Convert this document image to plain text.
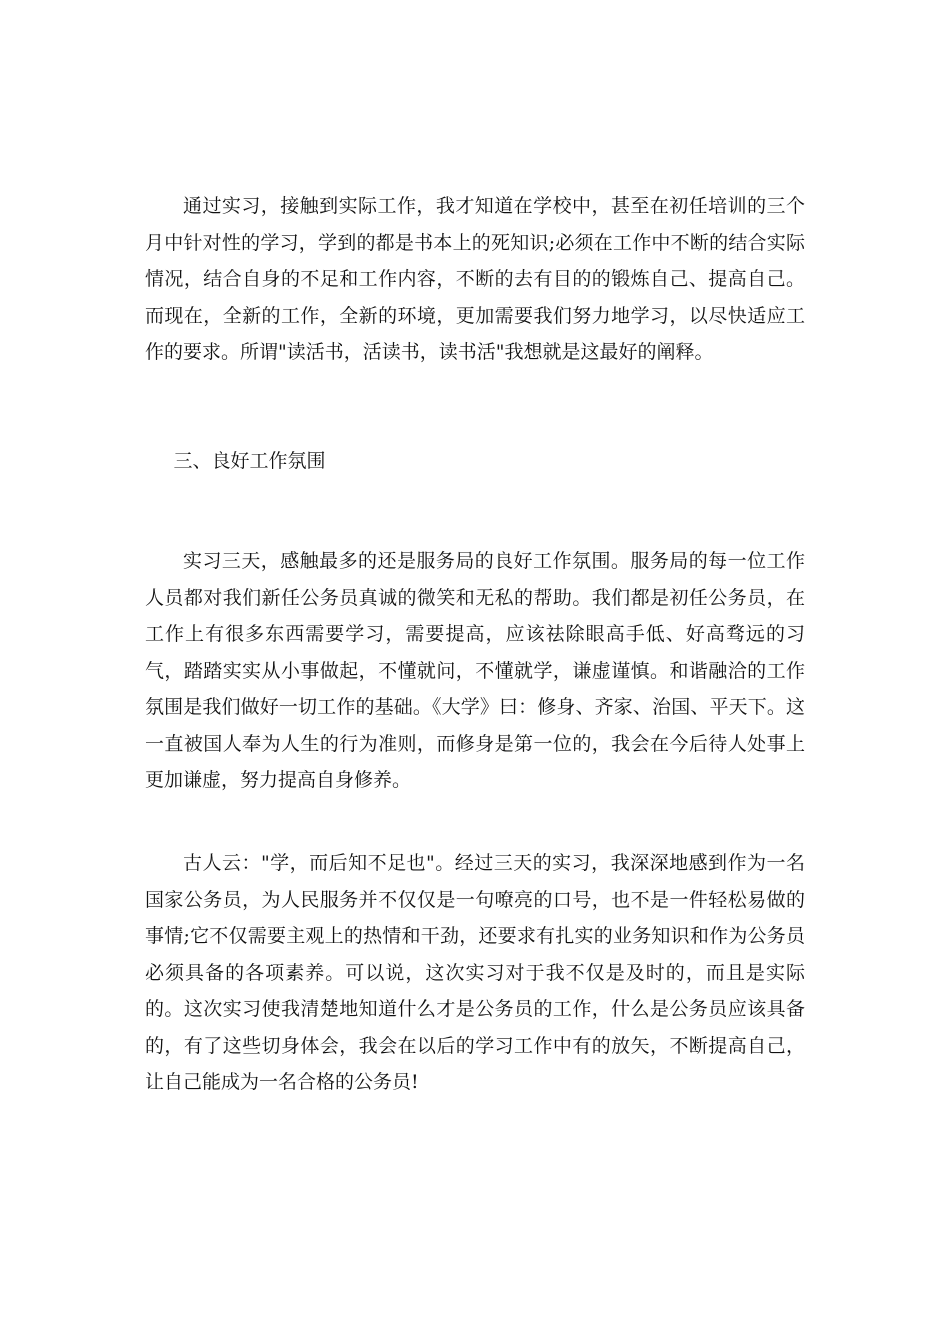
通过实习，接触到实际工作，我才知道在学校中，甚至在初任培训的三个月中针对性的学习，学到的都是书本上的死知识;必须在工作中不断的结合实际情况，结合自身的不足和工作内容，不断的去有目的的锻炼自己、提高自己。而现在，全新的工作，全新的环境，更加需要我们努力地学习，以尽快适应工作的要求。所谓"读活书，活读书，读书活"我想就是这最好的阐释。

三、良好工作氛围

实习三天，感触最多的还是服务局的良好工作氛围。服务局的每一位工作人员都对我们新任公务员真诚的微笑和无私的帮助。我们都是初任公务员，在工作上有很多东西需要学习，需要提高，应该祛除眼高手低、好高骛远的习气，踏踏实实从小事做起，不懂就问，不懂就学，谦虚谨慎。和谐融洽的工作氛围是我们做好一切工作的基础。《大学》曰：修身、齐家、治国、平天下。这一直被国人奉为人生的行为准则，而修身是第一位的，我会在今后待人处事上更加谦虚，努力提高自身修养。

古人云："学，而后知不足也"。经过三天的实习，我深深地感到作为一名国家公务员，为人民服务并不仅仅是一句嘹亮的口号，也不是一件轻松易做的事情;它不仅需要主观上的热情和干劲，还要求有扎实的业务知识和作为公务员必须具备的各项素养。可以说，这次实习对于我不仅是及时的，而且是实际的。这次实习使我清楚地知道什么才是公务员的工作，什么是公务员应该具备的，有了这些切身体会，我会在以后的学习工作中有的放矢，不断提高自己，让自己能成为一名合格的公务员!
